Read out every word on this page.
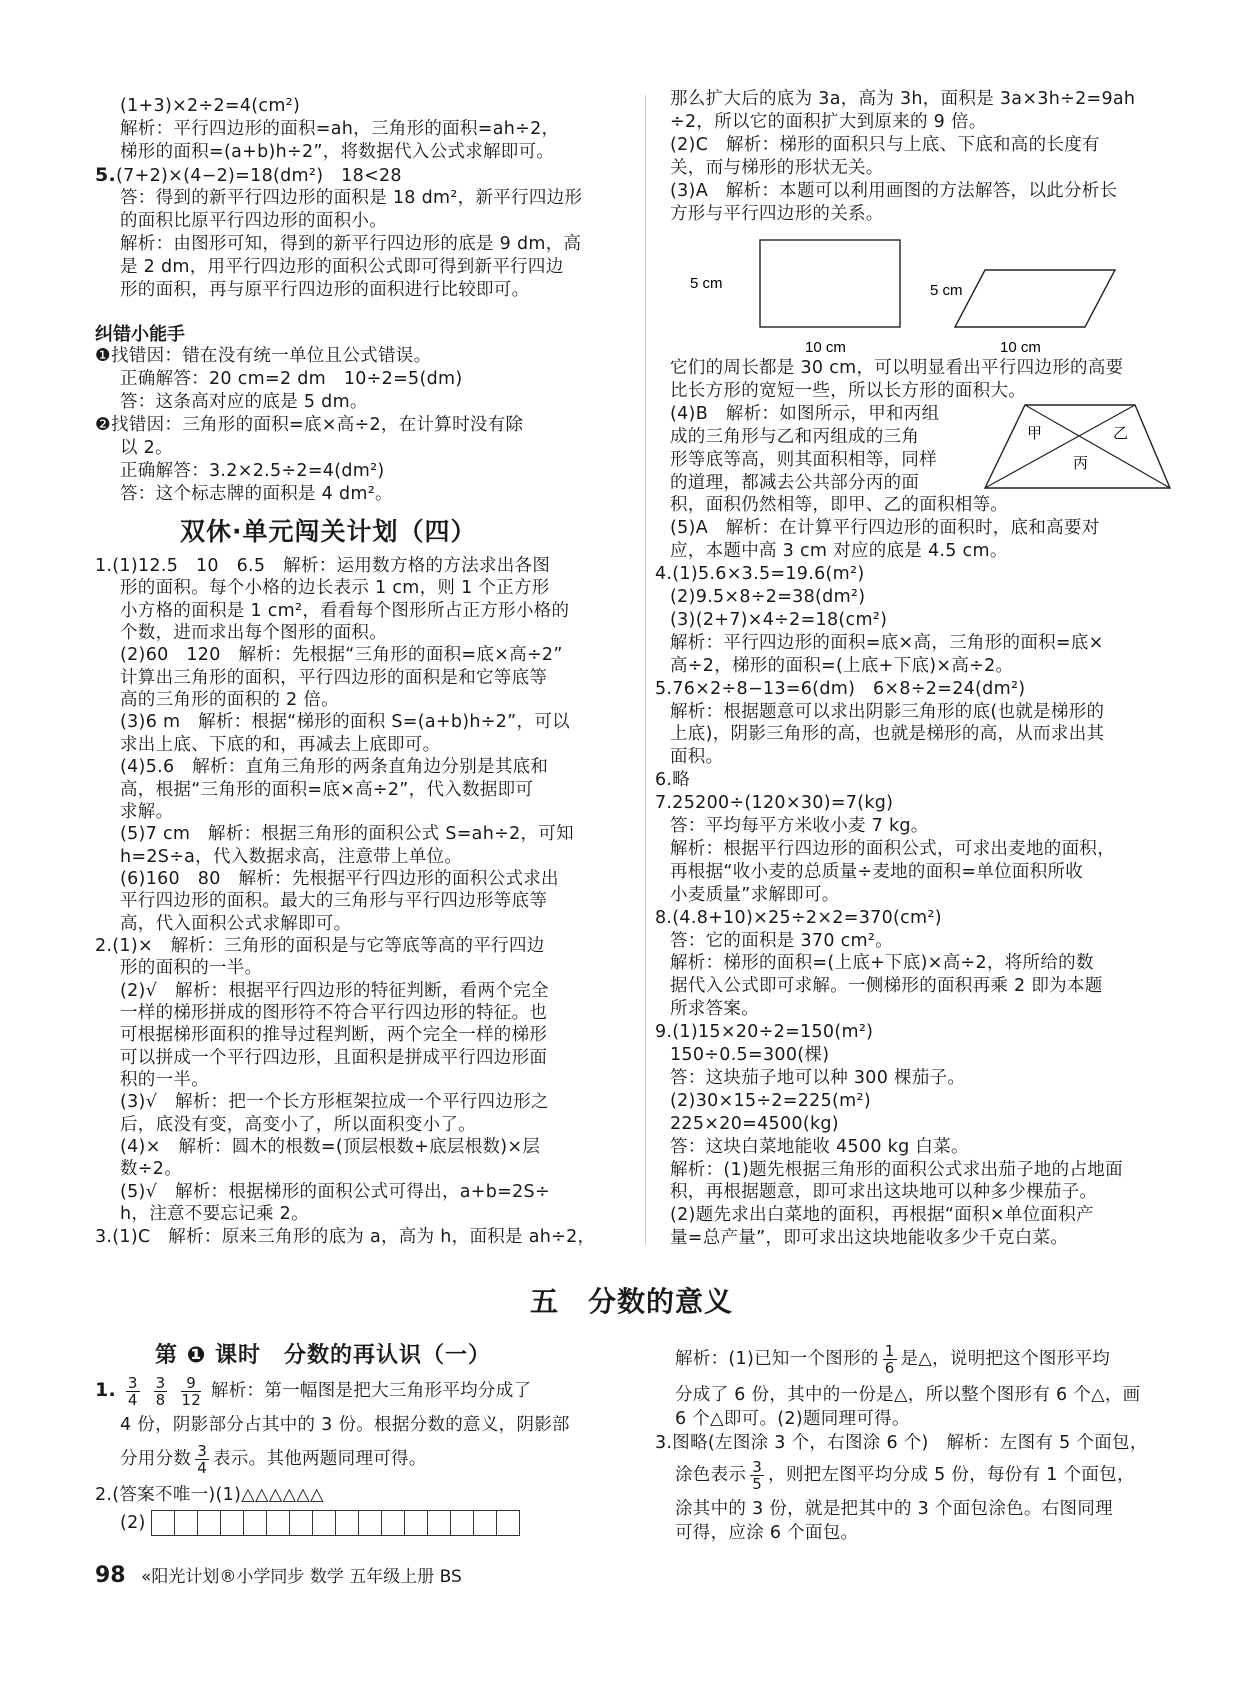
(1+3)×2÷2=4(cm²)
解析：平行四边形的面积=ah，三角形的面积=ah÷2，
梯形的面积=(a+b)h÷2”，将数据代入公式求解即可。
5.(7+2)×(4−2)=18(dm²)　18<28
答：得到的新平行四边形的面积是 18 dm²，新平行四边形
的面积比原平行四边形的面积小。
解析：由图形可知，得到的新平行四边形的底是 9 dm，高
是 2 dm，用平行四边形的面积公式即可得到新平行四边
形的面积，再与原平行四边形的面积进行比较即可。
纠错小能手
❶找错因：错在没有统一单位且公式错误。
正确解答：20 cm=2 dm　10÷2=5(dm)
答：这条高对应的底是 5 dm。
❷找错因：三角形的面积=底×高÷2，在计算时没有除
以 2。
正确解答：3.2×2.5÷2=4(dm²)
答：这个标志牌的面积是 4 dm²。
双休·单元闯关计划（四）
1.(1)12.5　10　6.5　解析：运用数方格的方法求出各图
形的面积。每个小格的边长表示 1 cm，则 1 个正方形
小方格的面积是 1 cm²，看看每个图形所占正方形小格的
个数，进而求出每个图形的面积。
(2)60　120　解析：先根据“三角形的面积=底×高÷2”
计算出三角形的面积，平行四边形的面积是和它等底等
高的三角形的面积的 2 倍。
(3)6 m　解析：根据“梯形的面积 S=(a+b)h÷2”，可以
求出上底、下底的和，再减去上底即可。
(4)5.6　解析：直角三角形的两条直角边分别是其底和
高，根据“三角形的面积=底×高÷2”，代入数据即可
求解。
(5)7 cm　解析：根据三角形的面积公式 S=ah÷2，可知
h=2S÷a，代入数据求高，注意带上单位。
(6)160　80　解析：先根据平行四边形的面积公式求出
平行四边形的面积。最大的三角形与平行四边形等底等
高，代入面积公式求解即可。
2.(1)×　解析：三角形的面积是与它等底等高的平行四边
形的面积的一半。
(2)√　解析：根据平行四边形的特征判断，看两个完全
一样的梯形拼成的图形符不符合平行四边形的特征。也
可根据梯形面积的推导过程判断，两个完全一样的梯形
可以拼成一个平行四边形，且面积是拼成平行四边形面
积的一半。
(3)√　解析：把一个长方形框架拉成一个平行四边形之
后，底没有变，高变小了，所以面积变小了。
(4)×　解析：圆木的根数=(顶层根数+底层根数)×层
数÷2。
(5)√　解析：根据梯形的面积公式可得出，a+b=2S÷
h，注意不要忘记乘 2。
3.(1)C　解析：原来三角形的底为 a，高为 h，面积是 ah÷2，
那么扩大后的底为 3a，高为 3h，面积是 3a×3h÷2=9ah
÷2，所以它的面积扩大到原来的 9 倍。
(2)C　解析：梯形的面积只与上底、下底和高的长度有
关，而与梯形的形状无关。
(3)A　解析：本题可以利用画图的方法解答，以此分析长
方形与平行四边形的关系。
5 cm
10 cm
5 cm
10 cm
它们的周长都是 30 cm，可以明显看出平行四边形的高要
比长方形的宽短一些，所以长方形的面积大。
(4)B　解析：如图所示，甲和丙组
成的三角形与乙和丙组成的三角
形等底等高，则其面积相等，同样
的道理，都减去公共部分丙的面
积，面积仍然相等，即甲、乙的面积相等。
(5)A　解析：在计算平行四边形的面积时，底和高要对
应，本题中高 3 cm 对应的底是 4.5 cm。
4.(1)5.6×3.5=19.6(m²)
(2)9.5×8÷2=38(dm²)
(3)(2+7)×4÷2=18(cm²)
解析：平行四边形的面积=底×高，三角形的面积=底×
高÷2，梯形的面积=(上底+下底)×高÷2。
5.76×2÷8−13=6(dm)　6×8÷2=24(dm²)
解析：根据题意可以求出阴影三角形的底(也就是梯形的
上底)，阴影三角形的高，也就是梯形的高，从而求出其
面积。
6.略
7.25200÷(120×30)=7(kg)
答：平均每平方米收小麦 7 kg。
解析：根据平行四边形的面积公式，可求出麦地的面积，
再根据“收小麦的总质量÷麦地的面积=单位面积所收
小麦质量”求解即可。
8.(4.8+10)×25÷2×2=370(cm²)
答：它的面积是 370 cm²。
解析：梯形的面积=(上底+下底)×高÷2，将所给的数
据代入公式即可求解。一侧梯形的面积再乘 2 即为本题
所求答案。
9.(1)15×20÷2=150(m²)
150÷0.5=300(棵)
答：这块茄子地可以种 300 棵茄子。
(2)30×15÷2=225(m²)
225×20=4500(kg)
答：这块白菜地能收 4500 kg 白菜。
解析：(1)题先根据三角形的面积公式求出茄子地的占地面
积，再根据题意，即可求出这块地可以种多少棵茄子。
(2)题先求出白菜地的面积，再根据“面积×单位面积产
量=总产量”，即可求出这块地能收多少千克白菜。
甲	乙
丙
五　分数的意义
第 ❶ 课时　分数的再认识（一）
1. $\frac{3}{4}$
$\frac{3}{8}$
$\frac{9}{12}$ 解析：第一幅图是把大三角形平均分成了
4 份，阴影部分占其中的 3 份。根据分数的意义，阴影部
分用分数 $\frac{3}{4}$ 表示。其他两题同理可得。
2.(答案不唯一)(1)△△△△△△
(2)
解析：(1)已知一个图形的 $\frac{1}{6}$ 是△，说明把这个图形平均
分成了 6 份，其中的一份是△，所以整个图形有 6 个△，画
6 个△即可。(2)题同理可得。
3.图略(左图涂 3 个，右图涂 6 个)　解析：左图有 5 个面包，
涂色表示 $\frac{3}{5}$ ，则把左图平均分成 5 份，每份有 1 个面包，
涂其中的 3 份，就是把其中的 3 个面包涂色。右图同理
可得，应涂 6 个面包。
98 «阳光计划®小学同步 数学 五年级上册 BS
